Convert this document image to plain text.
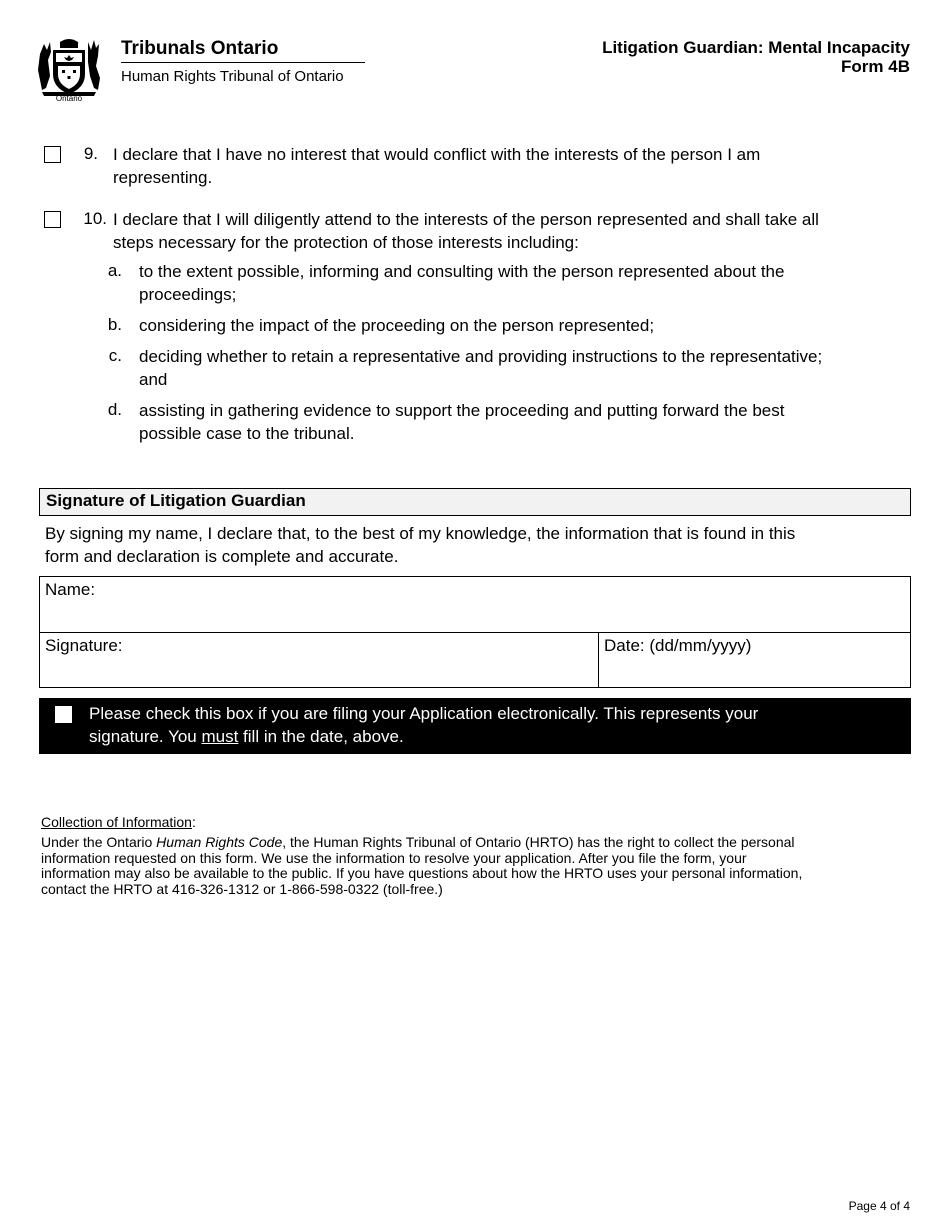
Ontario
Tribunals Ontario
Human Rights Tribunal of Ontario
Litigation Guardian: Mental Incapacity
Form 4B
9. I declare that I have no interest that would conflict with the interests of the person I am
representing.
10. I declare that I will diligently attend to the interests of the person represented and shall take all
steps necessary for the protection of those interests including:
a. to the extent possible, informing and consulting with the person represented about the
proceedings;
b. considering the impact of the proceeding on the person represented;
c. deciding whether to retain a representative and providing instructions to the representative;
and
d. assisting in gathering evidence to support the proceeding and putting forward the best
possible case to the tribunal.
Signature of Litigation Guardian
By signing my name, I declare that, to the best of my knowledge, the information that is found in this
form and declaration is complete and accurate.
Name:
Signature:	Date: (dd/mm/yyyy)
Please check this box if you are filing your Application electronically. This represents your
signature. You must fill in the date, above.
Collection of Information:
Under the Ontario Human Rights Code, the Human Rights Tribunal of Ontario (HRTO) has the right to collect the personal
information requested on this form. We use the information to resolve your application. After you file the form, your
information may also be available to the public. If you have questions about how the HRTO uses your personal information,
contact the HRTO at 416-326-1312 or 1-866-598-0322 (toll-free.)
Page 4 of 4
